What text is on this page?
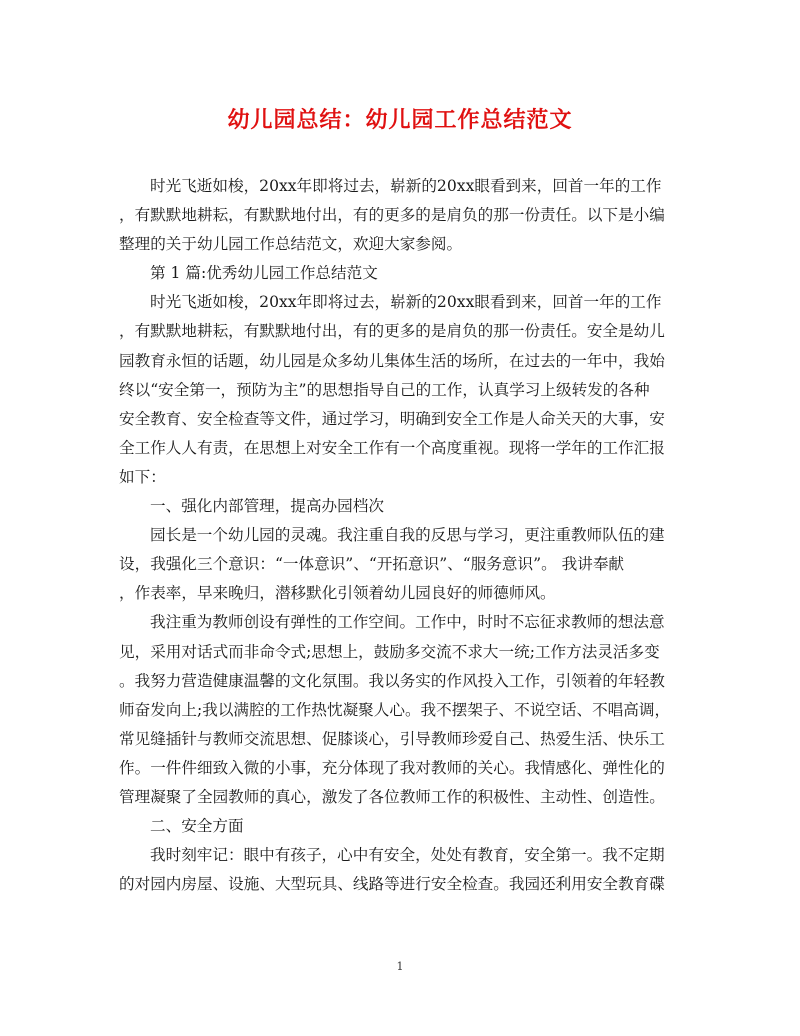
幼儿园总结：幼儿园工作总结范文
时光飞逝如梭，20xx年即将过去，崭新的20xx眼看到来，回首一年的工作
，有默默地耕耘，有默默地付出，有的更多的是肩负的那一份责任。以下是小编
整理的关于幼儿园工作总结范文，欢迎大家参阅。
第 1 篇:优秀幼儿园工作总结范文
时光飞逝如梭，20xx年即将过去，崭新的20xx眼看到来，回首一年的工作
，有默默地耕耘，有默默地付出，有的更多的是肩负的那一份责任。安全是幼儿
园教育永恒的话题，幼儿园是众多幼儿集体生活的场所，在过去的一年中，我始
终以“安全第一，预防为主”的思想指导自己的工作，认真学习上级转发的各种
安全教育、安全检查等文件，通过学习，明确到安全工作是人命关天的大事，安
全工作人人有责，在思想上对安全工作有一个高度重视。现将一学年的工作汇报
如下：
一、强化内部管理，提高办园档次
园长是一个幼儿园的灵魂。我注重自我的反思与学习，更注重教师队伍的建
设，我强化三个意识：“一体意识”、“开拓意识”、“服务意识”。 我讲奉献
，作表率，早来晚归，潜移默化引领着幼儿园良好的师德师风。
我注重为教师创设有弹性的工作空间。工作中，时时不忘征求教师的想法意
见，采用对话式而非命令式;思想上，鼓励多交流不求大一统;工作方法灵活多变
。我努力营造健康温馨的文化氛围。我以务实的作风投入工作，引领着的年轻教
师奋发向上;我以满腔的工作热忱凝聚人心。我不摆架子、不说空话、不唱高调，
常见缝插针与教师交流思想、促膝谈心，引导教师珍爱自己、热爱生活、快乐工
作。一件件细致入微的小事，充分体现了我对教师的关心。我情感化、弹性化的
管理凝聚了全园教师的真心，激发了各位教师工作的积极性、主动性、创造性。
二、安全方面
我时刻牢记：眼中有孩子，心中有安全，处处有教育，安全第一。我不定期
的对园内房屋、设施、大型玩具、线路等进行安全检查。我园还利用安全教育碟
1
